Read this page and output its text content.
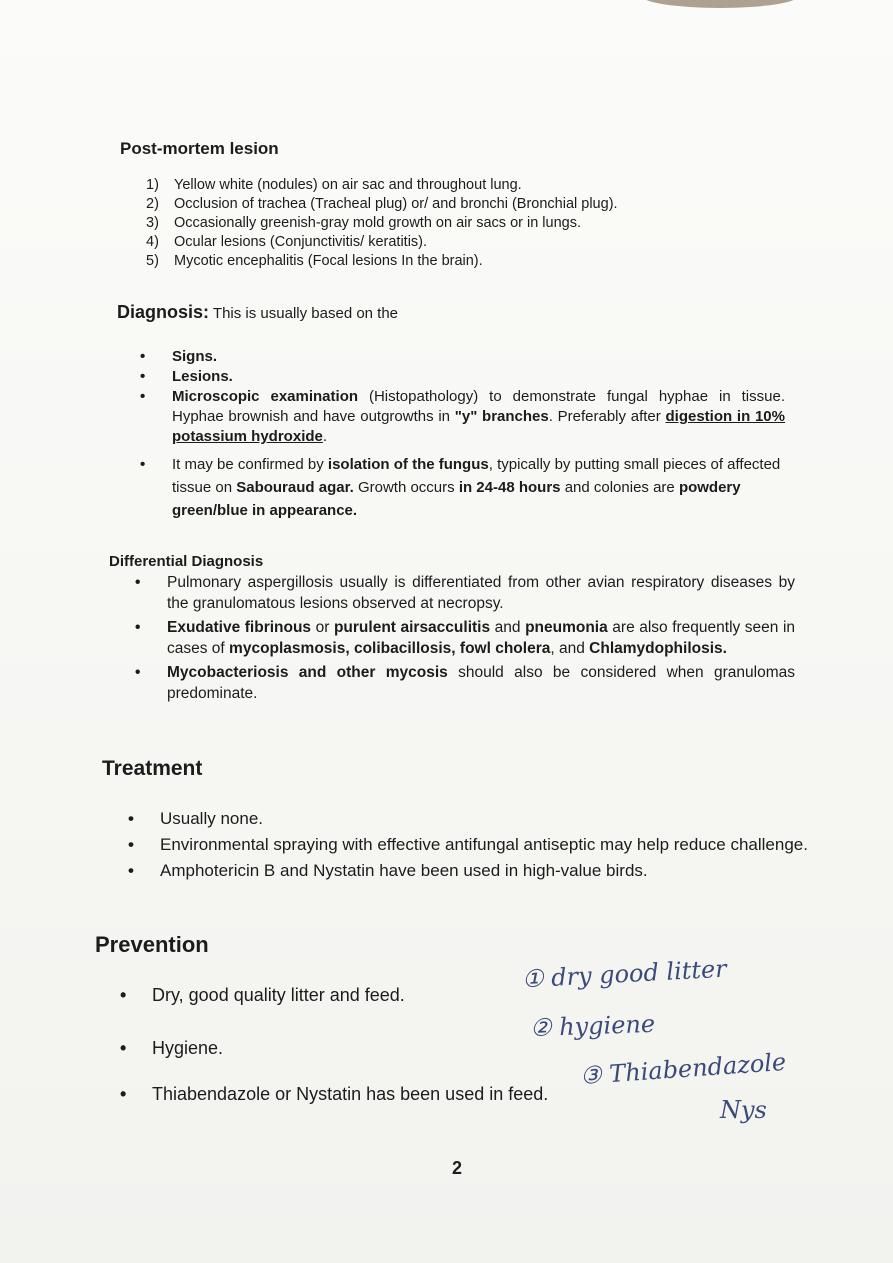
Post-mortem lesion
1) Yellow white (nodules) on air sac and throughout lung.
2) Occlusion of trachea (Tracheal plug) or/ and bronchi (Bronchial plug).
3) Occasionally greenish-gray mold growth on air sacs or in lungs.
4) Ocular lesions (Conjunctivitis/ keratitis).
5) Mycotic encephalitis (Focal lesions In the brain).
Diagnosis: This is usually based on the
• Signs.
• Lesions.
• Microscopic examination (Histopathology) to demonstrate fungal hyphae in tissue. Hyphae brownish and have outgrowths in "y" branches. Preferably after digestion in 10% potassium hydroxide.
• It may be confirmed by isolation of the fungus, typically by putting small pieces of affected tissue on Sabouraud agar. Growth occurs in 24-48 hours and colonies are powdery green/blue in appearance.
Differential Diagnosis
• Pulmonary aspergillosis usually is differentiated from other avian respiratory diseases by the granulomatous lesions observed at necropsy.
• Exudative fibrinous or purulent airsacculitis and pneumonia are also frequently seen in cases of mycoplasmosis, colibacillosis, fowl cholera, and Chlamydophilosis.
• Mycobacteriosis and other mycosis should also be considered when granulomas predominate.
Treatment
• Usually none.
• Environmental spraying with effective antifungal antiseptic may help reduce challenge.
• Amphotericin B and Nystatin have been used in high-value birds.
Prevention
• Dry, good quality litter and feed.
• Hygiene.
• Thiabendazole or Nystatin has been used in feed.
① dry good litter
② hygiene
③ Thiabendazole
Nys
2
